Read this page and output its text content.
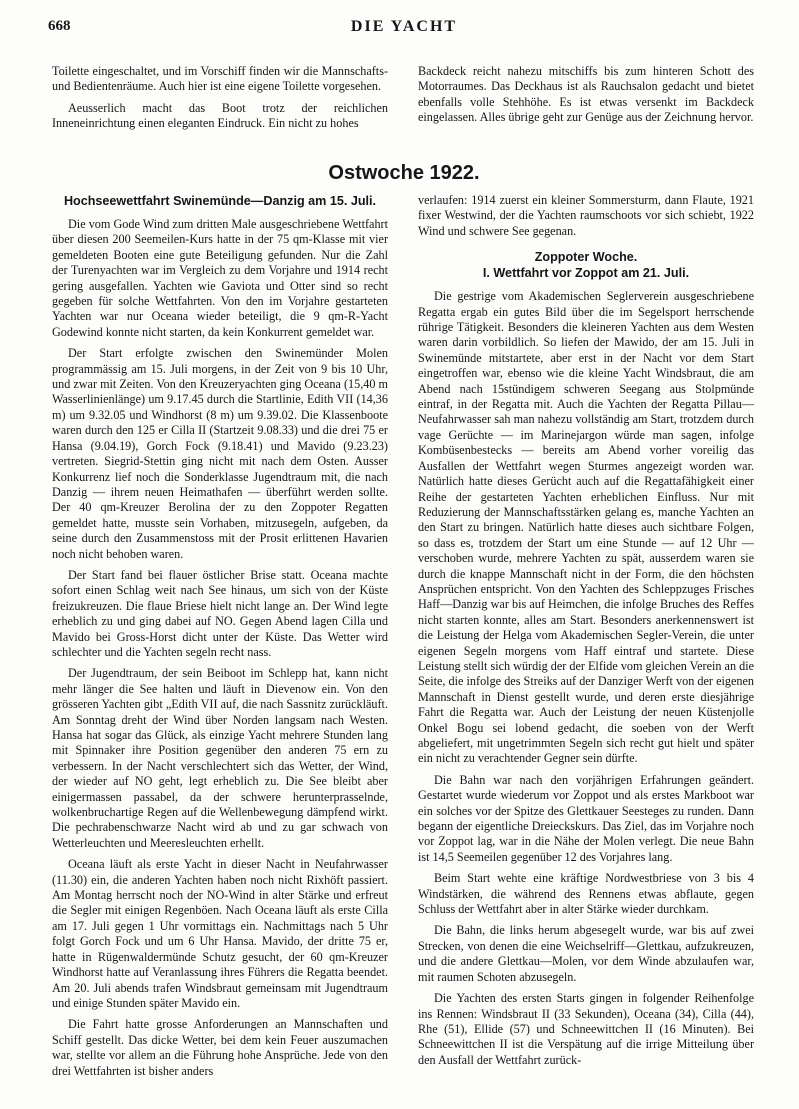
668	DIE YACHT

Toilette eingeschaltet, und im Vorschiff finden wir die Mannschafts- und Bedientenräume. Auch hier ist eine eigene Toilette vorgesehen.

Aeusserlich macht das Boot trotz der reichlichen Inneneinrichtung einen eleganten Eindruck. Ein nicht zu hohes

Backdeck reicht nahezu mitschiffs bis zum hinteren Schott des Motorraumes. Das Deckhaus ist als Rauchsalon gedacht und bietet ebenfalls volle Stehhöhe. Es ist etwas versenkt im Backdeck eingelassen. Alles übrige geht zur Genüge aus der Zeichnung hervor.

Ostwoche 1922.
Hochseewettfahrt Swinemünde—Danzig am 15. Juli.

Die vom Gode Wind zum dritten Male ausgeschriebene Wettfahrt über diesen 200 Seemeilen-Kurs hatte in der 75 qm-Klasse mit vier gemeldeten Booten eine gute Beteiligung gefunden. Nur die Zahl der Turenyachten war im Vergleich zu dem Vorjahre und 1914 recht gering ausgefallen. Yachten wie Gaviota und Otter sind so recht gegeben für solche Wettfahrten. Von den im Vorjahre gestarteten Yachten war nur Oceana wieder beteiligt, die 9 qm-R-Yacht Godewind konnte nicht starten, da kein Konkurrent gemeldet war.

Der Start erfolgte zwischen den Swinemünder Molen programmässig am 15. Juli morgens, in der Zeit von 9 bis 10 Uhr, und zwar mit Zeiten. Von den Kreuzeryachten ging Oceana (15,40 m Wasserlinienlänge) um 9.17.45 durch die Startlinie, Edith VII (14,36 m) um 9.32.05 und Windhorst (8 m) um 9.39.02. Die Klassenboote waren durch den 125 er Cilla II (Startzeit 9.08.33) und die drei 75 er Hansa (9.04.19), Gorch Fock (9.18.41) und Mavido (9.23.23) vertreten. Siegrid-Stettin ging nicht mit nach dem Osten. Ausser Konkurrenz lief noch die Sonderklasse Jugendtraum mit, die nach Danzig — ihrem neuen Heimathafen — überführt werden sollte. Der 40 qm-Kreuzer Berolina der zu den Zoppoter Regatten gemeldet hatte, musste sein Vorhaben, mitzusegeln, aufgeben, da seine durch den Zusammenstoss mit der Prosit erlittenen Havarien noch nicht behoben waren.

Der Start fand bei flauer östlicher Brise statt. Oceana machte sofort einen Schlag weit nach See hinaus, um sich von der Küste freizukreuzen. Die flaue Briese hielt nicht lange an. Der Wind legte erheblich zu und ging dabei auf NO. Gegen Abend lagen Cilla und Mavido bei Gross-Horst dicht unter der Küste. Das Wetter wird schlechter und die Yachten segeln recht nass.

Der Jugendtraum, der sein Beiboot im Schlepp hat, kann nicht mehr länger die See halten und läuft in Dievenow ein. Von den grösseren Yachten gibt „Edith VII auf, die nach Sassnitz zurückläuft. Am Sonntag dreht der Wind über Norden langsam nach Westen. Hansa hat sogar das Glück, als einzige Yacht mehrere Stunden lang mit Spinnaker ihre Position gegenüber den anderen 75 ern zu verbessern. In der Nacht verschlechtert sich das Wetter, der Wind, der wieder auf NO geht, legt erheblich zu. Die See bleibt aber einigermassen passabel, da der schwere herunterprasselnde, wolkenbruchartige Regen auf die Wellenbewegung dämpfend wirkt. Die pechrabenschwarze Nacht wird ab und zu gar schwach von Wetterleuchten und Meeresleuchten erhellt.

Oceana läuft als erste Yacht in dieser Nacht in Neufahrwasser (11.30) ein, die anderen Yachten haben noch nicht Rixhöft passiert. Am Montag herrscht noch der NO-Wind in alter Stärke und erfreut die Segler mit einigen Regenböen. Nach Oceana läuft als erste Cilla am 17. Juli gegen 1 Uhr vormittags ein. Nachmittags nach 5 Uhr folgt Gorch Fock und um 6 Uhr Hansa. Mavido, der dritte 75 er, hatte in Rügenwaldermünde Schutz gesucht, der 60 qm-Kreuzer Windhorst hatte auf Veranlassung ihres Führers die Regatta beendet. Am 20. Juli abends trafen Windsbraut gemeinsam mit Jugendtraum und einige Stunden später Mavido ein.

Die Fahrt hatte grosse Anforderungen an Mannschaften und Schiff gestellt. Das dicke Wetter, bei dem kein Feuer auszumachen war, stellte vor allem an die Führung hohe Ansprüche. Jede von den drei Wettfahrten ist bisher anders

verlaufen: 1914 zuerst ein kleiner Sommersturm, dann Flaute, 1921 fixer Westwind, der die Yachten raumschoots vor sich schiebt, 1922 Wind und schwere See gegenan.

Zoppoter Woche.
I. Wettfahrt vor Zoppot am 21. Juli.

Die gestrige vom Akademischen Seglerverein ausgeschriebene Regatta ergab ein gutes Bild über die im Segelsport herrschende rührige Tätigkeit. Besonders die kleineren Yachten aus dem Westen waren darin vorbildlich. So liefen der Mawido, der am 15. Juli in Swinemünde mitstartete, aber erst in der Nacht vor dem Start eingetroffen war, ebenso wie die kleine Yacht Windsbraut, die am Abend nach 15stündigem schweren Seegang aus Stolpmünde eintraf, in der Regatta mit. Auch die Yachten der Regatta Pillau—Neufahrwasser sah man nahezu vollständig am Start, trotzdem durch vage Gerüchte — im Marinejargon würde man sagen, infolge Kombüsenbestecks — bereits am Abend vorher voreilig das Ausfallen der Wettfahrt wegen Sturmes angezeigt worden war. Natürlich hatte dieses Gerücht auch auf die Regattafähigkeit einer Reihe der gestarteten Yachten erheblichen Einfluss. Nur mit Reduzierung der Mannschaftsstärken gelang es, manche Yachten an den Start zu bringen. Natürlich hatte dieses auch sichtbare Folgen, so dass es, trotzdem der Start um eine Stunde — auf 12 Uhr — verschoben wurde, mehrere Yachten zu spät, ausserdem waren sie durch die knappe Mannschaft nicht in der Form, die den höchsten Ansprüchen entspricht. Von den Yachten des Schleppzuges Frisches Haff—Danzig war bis auf Heimchen, die infolge Bruches des Reffes nicht starten konnte, alles am Start. Besonders anerkennenswert ist die Leistung der Helga vom Akademischen Segler-Verein, die unter eigenen Segeln morgens vom Haff eintraf und startete. Diese Leistung stellt sich würdig der der Elfide vom gleichen Verein an die Seite, die infolge des Streiks auf der Danziger Werft von der eigenen Mannschaft in Dienst gestellt wurde, und deren erste diesjährige Fahrt die Regatta war. Auch der Leistung der neuen Küstenjolle Onkel Bogu sei lobend gedacht, die soeben von der Werft abgeliefert, mit ungetrimmten Segeln sich recht gut hielt und später ein nicht zu verachtender Gegner sein dürfte.

Die Bahn war nach den vorjährigen Erfahrungen geändert. Gestartet wurde wiederum vor Zoppot und als erstes Markboot war ein solches vor der Spitze des Glettkauer Seesteges zu runden. Dann begann der eigentliche Dreieckskurs. Das Ziel, das im Vorjahre noch vor Zoppot lag, war in die Nähe der Molen verlegt. Die neue Bahn ist 14,5 Seemeilen gegenüber 12 des Vorjahres lang.

Beim Start wehte eine kräftige Nordwestbriese von 3 bis 4 Windstärken, die während des Rennens etwas abflaute, gegen Schluss der Wettfahrt aber in alter Stärke wieder durchkam.

Die Bahn, die links herum abgesegelt wurde, war bis auf zwei Strecken, von denen die eine Weichselriff—Glettkau, aufzukreuzen, und die andere Glettkau—Molen, vor dem Winde abzulaufen war, mit raumen Schoten abzusegeln.

Die Yachten des ersten Starts gingen in folgender Reihenfolge ins Rennen: Windsbraut II (33 Sekunden), Oceana (34), Cilla (44), Rhe (51), Ellide (57) und Schneewittchen II (16 Minuten). Bei Schneewittchen II ist die Verspätung auf die irrige Mitteilung über den Ausfall der Wettfahrt zurück-
